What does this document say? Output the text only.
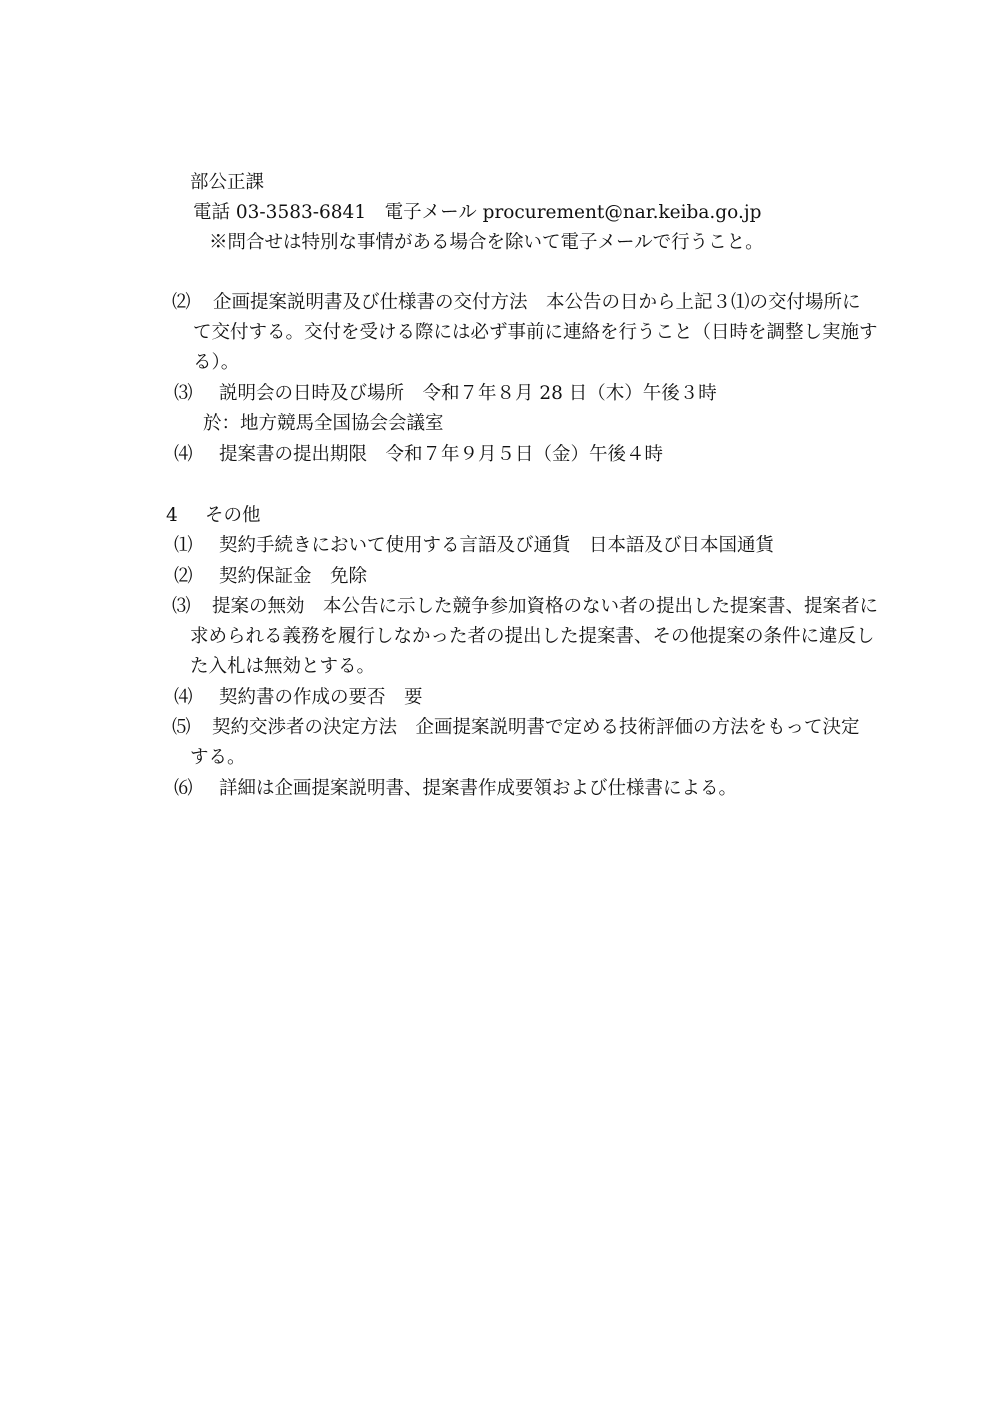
部公正課
電話 03‐3583‐6841　電子メール procurement@nar.keiba.go.jp
※問合せは特別な事情がある場合を除いて電子メールで行うこと。
⑵ 企画提案説明書及び仕様書の交付方法　本公告の日から上記３⑴の交付場所に
て交付する。交付を受ける際には必ず事前に連絡を行うこと（日時を調整し実施す
る）。
⑶ 説明会の日時及び場所　令和７年８月 28 日（木）午後３時
於：地方競馬全国協会会議室
⑷ 提案書の提出期限　令和７年９月５日（金）午後４時
4 その他
⑴ 契約手続きにおいて使用する言語及び通貨　日本語及び日本国通貨
⑵ 契約保証金　免除
⑶ 提案の無効　本公告に示した競争参加資格のない者の提出した提案書、提案者に
求められる義務を履行しなかった者の提出した提案書、その他提案の条件に違反し
た入札は無効とする。
⑷ 契約書の作成の要否　要
⑸ 契約交渉者の決定方法　企画提案説明書で定める技術評価の方法をもって決定
する。
⑹ 詳細は企画提案説明書、提案書作成要領および仕様書による。
